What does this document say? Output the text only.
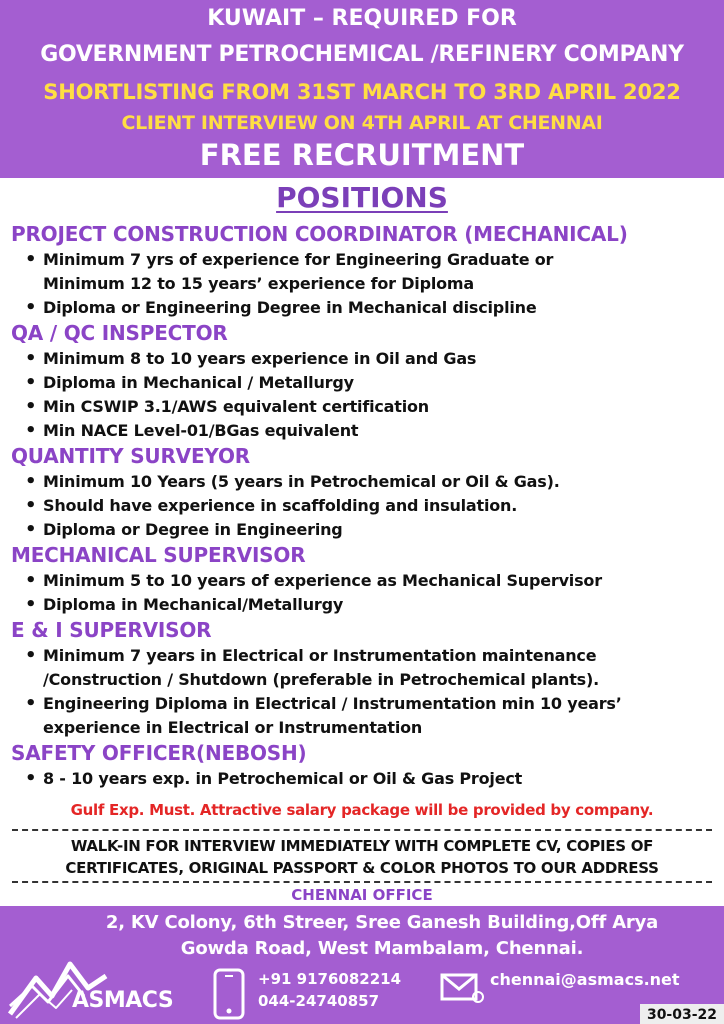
KUWAIT – REQUIRED FOR
GOVERNMENT PETROCHEMICAL /REFINERY COMPANY
SHORTLISTING FROM 31ST MARCH TO 3RD APRIL 2022
CLIENT INTERVIEW ON 4TH APRIL AT CHENNAI
FREE RECRUITMENT
POSITIONS
PROJECT CONSTRUCTION COORDINATOR (MECHANICAL)
• Minimum 7 yrs of experience for Engineering Graduate or
Minimum 12 to 15 years’ experience for Diploma
• Diploma or Engineering Degree in Mechanical discipline
QA / QC INSPECTOR
• Minimum 8 to 10 years experience in Oil and Gas
• Diploma in Mechanical / Metallurgy
• Min CSWIP 3.1/AWS equivalent certification
• Min NACE Level-01/BGas equivalent
QUANTITY SURVEYOR
• Minimum 10 Years (5 years in Petrochemical or Oil & Gas).
• Should have experience in scaffolding and insulation.
• Diploma or Degree in Engineering
MECHANICAL SUPERVISOR
• Minimum 5 to 10 years of experience as Mechanical Supervisor
• Diploma in Mechanical/Metallurgy
E & I SUPERVISOR
• Minimum 7 years in Electrical or Instrumentation maintenance
/Construction / Shutdown (preferable in Petrochemical plants).
• Engineering Diploma in Electrical / Instrumentation min 10 years’
experience in Electrical or Instrumentation
SAFETY OFFICER(NEBOSH)
• 8 - 10 years exp. in Petrochemical or Oil & Gas Project
Gulf Exp. Must. Attractive salary package will be provided by company.
WALK-IN FOR INTERVIEW IMMEDIATELY WITH COMPLETE CV, COPIES OF
CERTIFICATES, ORIGINAL PASSPORT & COLOR PHOTOS TO OUR ADDRESS
CHENNAI OFFICE
2, KV Colony, 6th Streer, Sree Ganesh Building,Off Arya
Gowda Road, West Mambalam, Chennai.
ASMACS
+91 9176082214
044-24740857
chennai@asmacs.net
30-03-22
